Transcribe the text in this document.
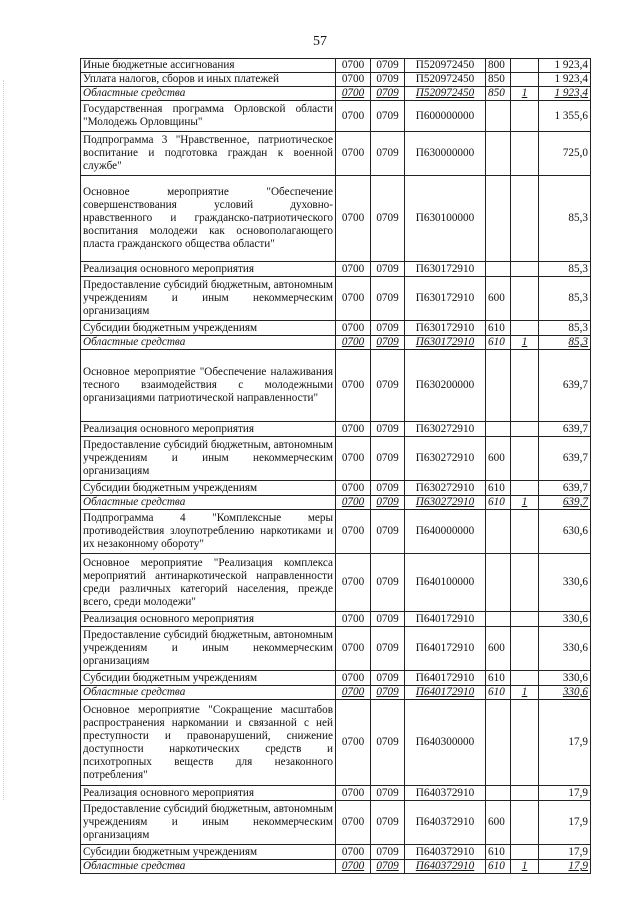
57
Иные бюджетные ассигнования	0700	0709	П520972450	800		1 923,4
Уплата налогов, сборов и иных платежей	0700	0709	П520972450	850		1 923,4
Областные средства	0700	0709	П520972450	850	1	1 923,4
Государственная программа Орловской области "Молодежь Орловщины"	0700	0709	П600000000			1 355,6
Подпрограмма 3 "Нравственное, патриотическое воспитание и подготовка граждан к военной службе"	0700	0709	П630000000			725,0
Основное мероприятие "Обеспечение совершенствования условий духовно-нравственного и гражданско-патриотического воспитания молодежи как основополагающего пласта гражданского общества области"	0700	0709	П630100000			85,3
Реализация основного мероприятия	0700	0709	П630172910			85,3
Предоставление субсидий бюджетным, автономным учреждениям и иным некоммерческим организациям	0700	0709	П630172910	600		85,3
Субсидии бюджетным учреждениям	0700	0709	П630172910	610		85,3
Областные средства	0700	0709	П630172910	610	1	85,3
Основное мероприятие "Обеспечение налаживания тесного взаимодействия с молодежными организациями патриотической направленности"	0700	0709	П630200000			639,7
Реализация основного мероприятия	0700	0709	П630272910			639,7
Предоставление субсидий бюджетным, автономным учреждениям и иным некоммерческим организациям	0700	0709	П630272910	600		639,7
Субсидии бюджетным учреждениям	0700	0709	П630272910	610		639,7
Областные средства	0700	0709	П630272910	610	1	639,7
Подпрограмма 4 "Комплексные меры противодействия злоупотреблению наркотиками и их незаконному обороту"	0700	0709	П640000000			630,6
Основное мероприятие "Реализация комплекса мероприятий антинаркотической направленности среди различных категорий населения, прежде всего, среди молодежи"	0700	0709	П640100000			330,6
Реализация основного мероприятия	0700	0709	П640172910			330,6
Предоставление субсидий бюджетным, автономным учреждениям и иным некоммерческим организациям	0700	0709	П640172910	600		330,6
Субсидии бюджетным учреждениям	0700	0709	П640172910	610		330,6
Областные средства	0700	0709	П640172910	610	1	330,6
Основное мероприятие "Сокращение масштабов распространения наркомании и связанной с ней преступности и правонарушений, снижение доступности наркотических средств и психотропных веществ для незаконного потребления"	0700	0709	П640300000			17,9
Реализация основного мероприятия	0700	0709	П640372910			17,9
Предоставление субсидий бюджетным, автономным учреждениям и иным некоммерческим организациям	0700	0709	П640372910	600		17,9
Субсидии бюджетным учреждениям	0700	0709	П640372910	610		17,9
Областные средства	0700	0709	П640372910	610	1	17,9
